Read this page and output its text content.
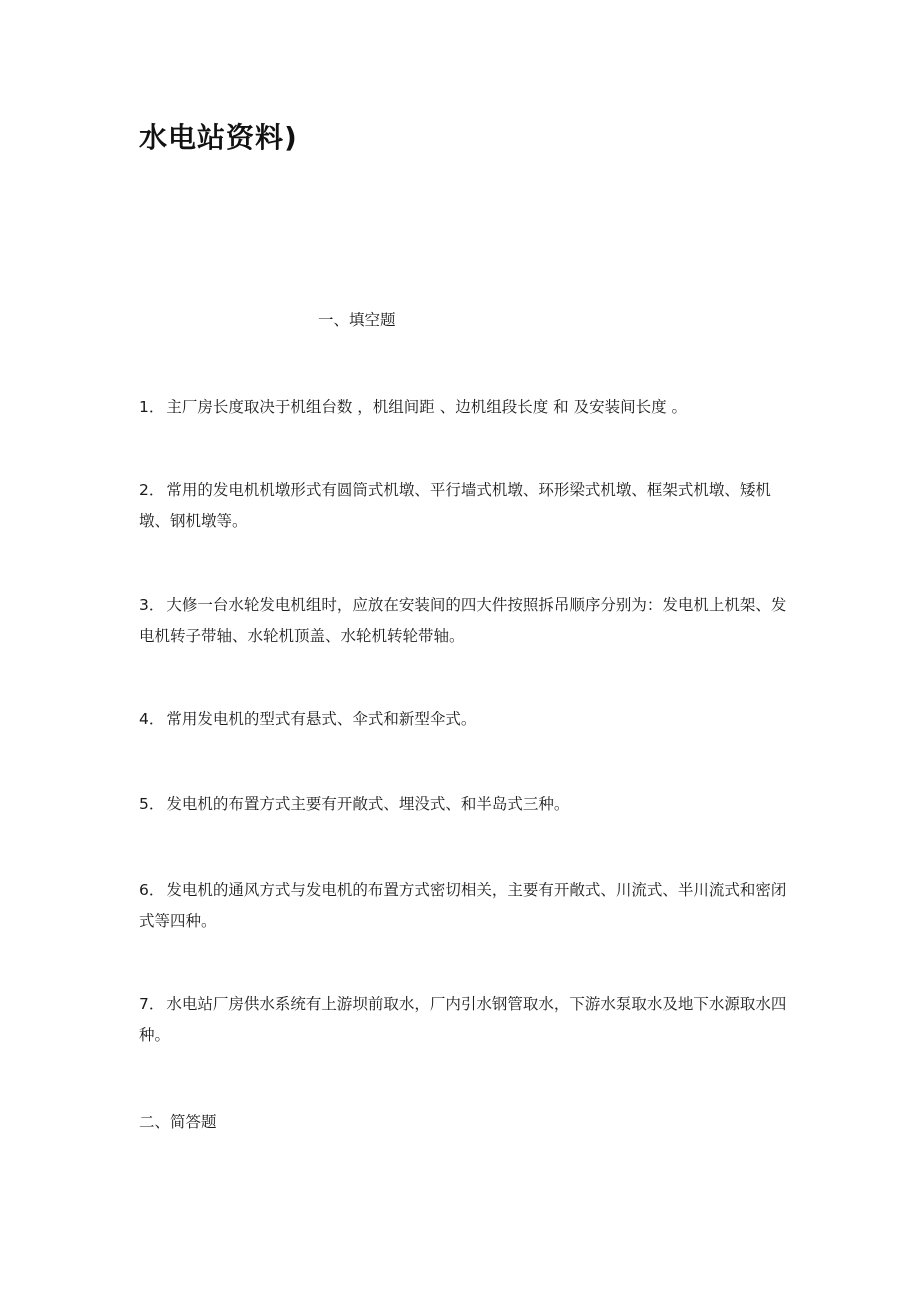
水电站资料)
一、填空题

1． 主厂房长度取决于机组台数 ，机组间距 、边机组段长度 和 及安装间长度 。

2． 常用的发电机机墩形式有圆筒式机墩、平行墙式机墩、环形梁式机墩、框架式机墩、矮机墩、钢机墩等。

3． 大修一台水轮发电机组时，应放在安装间的四大件按照拆吊顺序分别为：发电机上机架、发电机转子带轴、水轮机顶盖、水轮机转轮带轴。

4． 常用发电机的型式有悬式、伞式和新型伞式。

5． 发电机的布置方式主要有开敞式、埋没式、和半岛式三种。

6． 发电机的通风方式与发电机的布置方式密切相关，主要有开敞式、川流式、半川流式和密闭式等四种。

7． 水电站厂房供水系统有上游坝前取水，厂内引水钢管取水，下游水泵取水及地下水源取水四种。

二、简答题
